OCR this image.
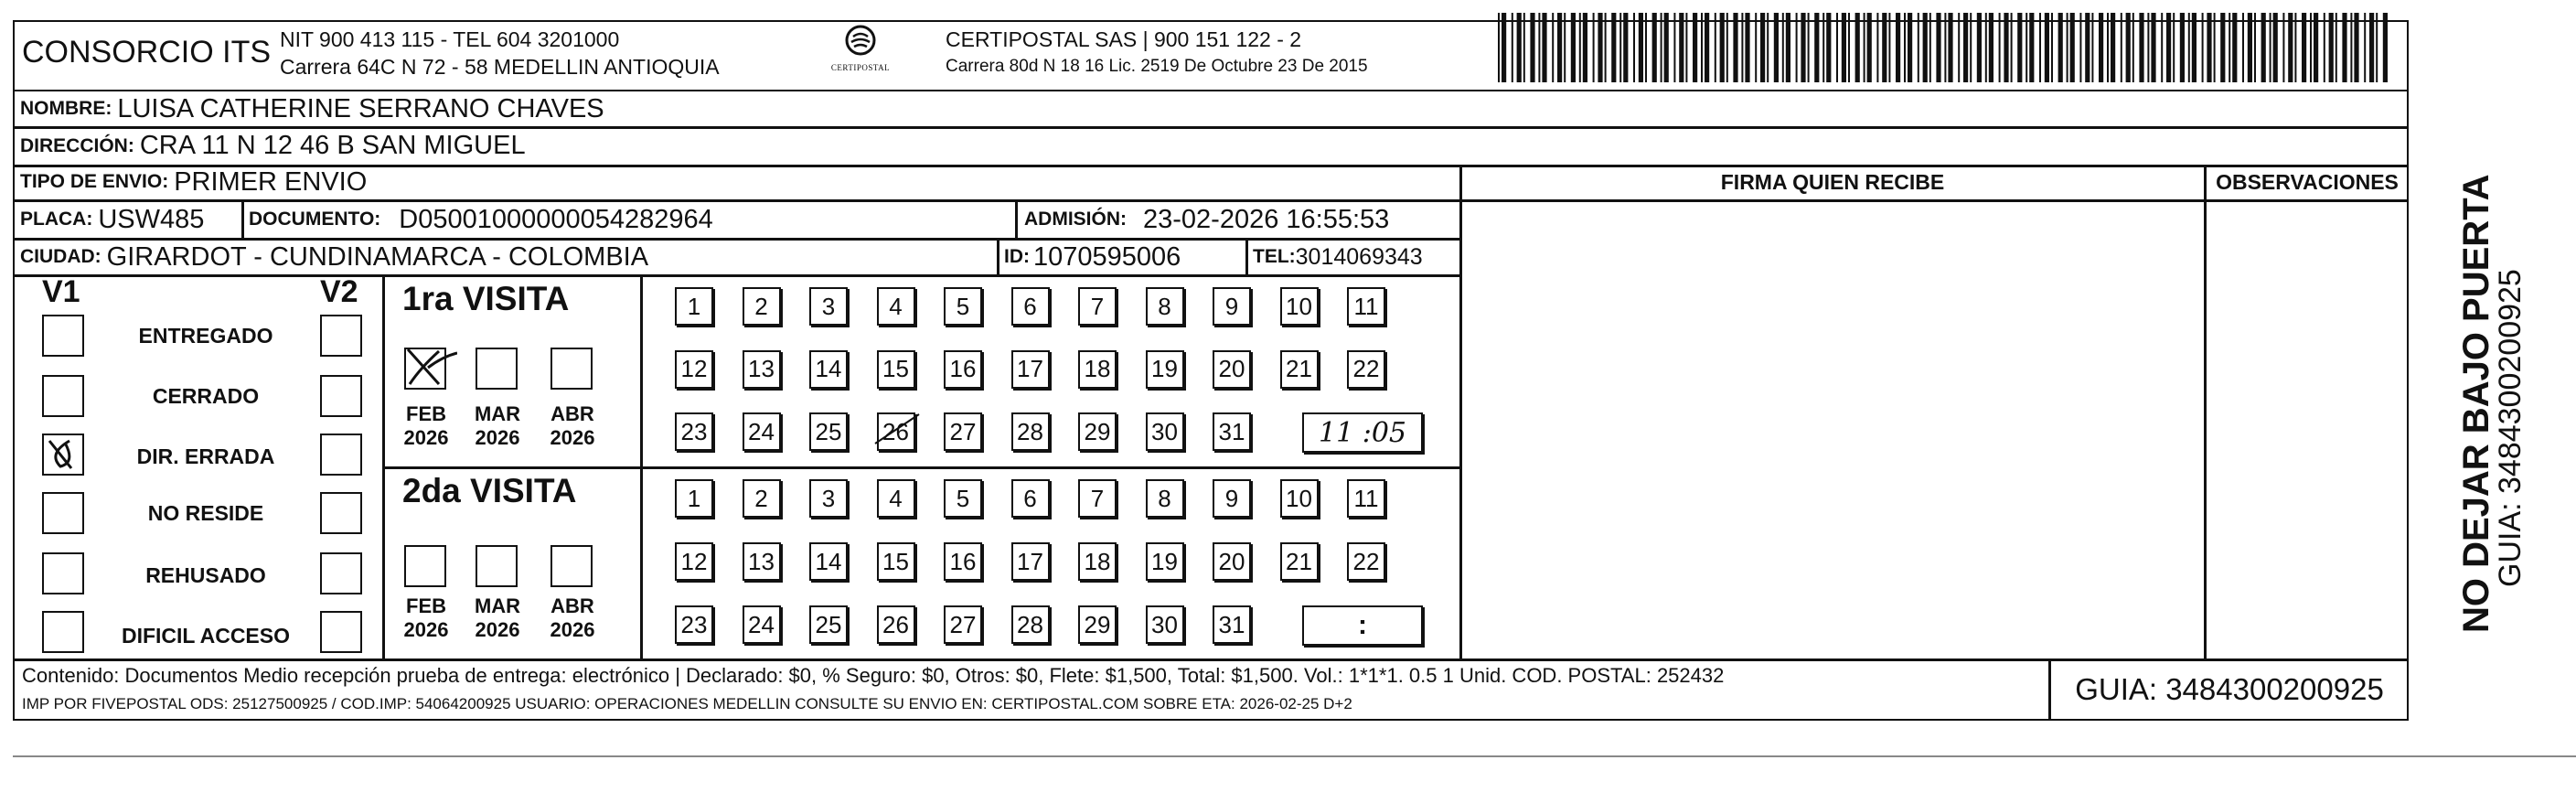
CONSORCIO ITS NIT 900 413 115 - TEL 604 3201000
Carrera 64C N 72 - 58 MEDELLIN ANTIOQUIA	CERTIPOSTAL
CERTIPOSTAL SAS | 900 151 122 - 2
Carrera 80d N 18 16 Lic. 2519 De Octubre 23 De 2015
NOMBRE: LUISA CATHERINE SERRANO CHAVES
DIRECCIÓN: CRA 11 N 12 46 B SAN MIGUEL
TIPO DE ENVIO: PRIMER ENVIO	FIRMA QUIEN RECIBE	OBSERVACIONES
PLACA: USW485 DOCUMENTO: D05001000000054282964	ADMISIÓN: 23-02-2026 16:55:53
CIUDAD: GIRARDOT - CUNDINAMARCA - COLOMBIA	ID: 1070595006	TEL: 3014069343
V1	V2
ENTREGADO
CERRADO
DIR. ERRADA
NO RESIDE
REHUSADO
DIFICIL ACCESO
1ra VISITA
FEB
2026
MAR
2026
ABR
2026
2da VISITA
FEB
2026
MAR
2026
ABR
2026
1	2	3	4	5	6	7	8	9	10 11
12 13 14 15 16 17 18 19 20 21 22
23 24 25 26 27 28 29 30 31
1	2	3	4	5	6	7	8	9	10 11
12 13 14 15 16 17 18 19 20 21 22
23 24 25 26 27 28 29 30 31
11 :05
:
Contenido: Documentos Medio recepción prueba de entrega: electrónico | Declarado: $0, % Seguro: $0, Otros: $0, Flete: $1,500, Total: $1,500. Vol.: 1*1*1. 0.5 1 Unid. COD. POSTAL: 252432
IMP POR FIVEPOSTAL ODS: 25127500925 / COD.IMP: 54064200925 USUARIO: OPERACIONES MEDELLIN CONSULTE SU ENVIO EN: CERTIPOSTAL.COM SOBRE ETA: 2026-02-25 D+2	GUIA: 3484300200925
NO DEJAR BAJO PUERTA
GUIA: 3484300200925
